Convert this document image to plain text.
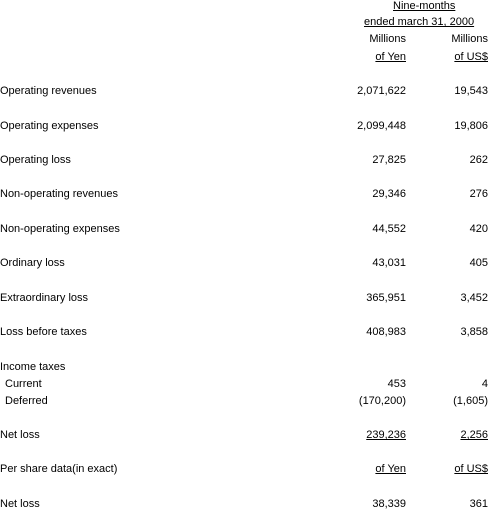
Nine-months
ended march 31, 2000
Millions
of Yen
Millions
of US$
Operating revenues	2,071,622	19,543
Operating expenses	2,099,448	19,806
Operating loss	27,825	262
Non-operating revenues	29,346	276
Non-operating expenses	44,552	420
Ordinary loss	43,031	405
Extraordinary loss	365,951	3,452
Loss before taxes	408,983	3,858
Income taxes
Current	453	4
Deferred	(170,200)	(1,605)
Net loss	239,236	2,256
Per share data(in exact)	of Yen	of US$
Net loss	38,339	361
